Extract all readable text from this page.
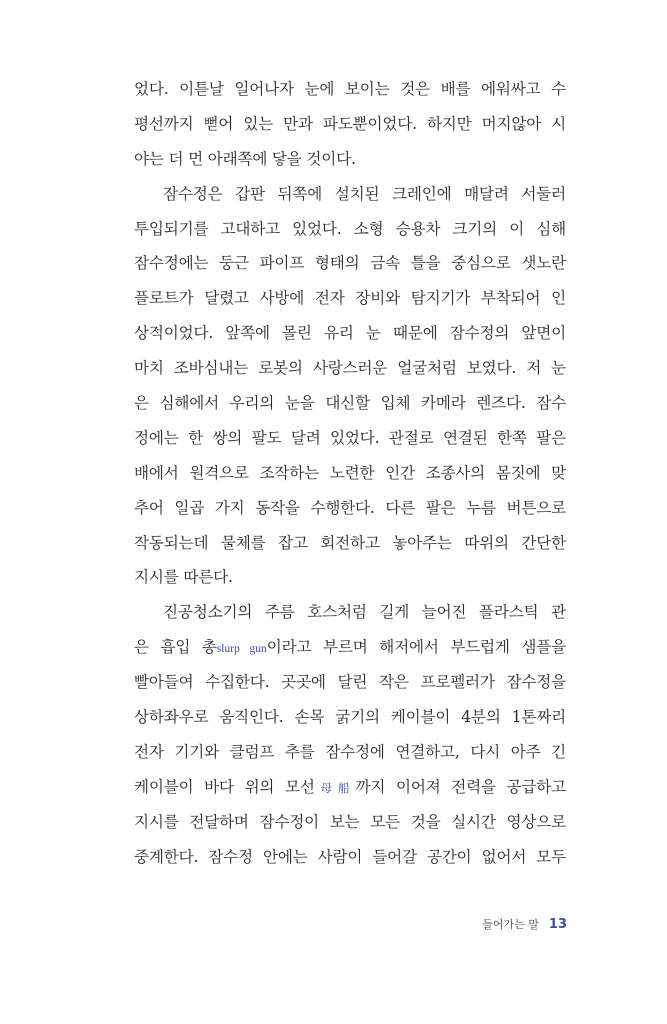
었다. 이튿날 일어나자 눈에 보이는 것은 배를 에워싸고 수
평선까지 뻗어 있는 만과 파도뿐이었다. 하지만 머지않아 시
야는 더 먼 아래쪽에 닿을 것이다.
잠수정은 갑판 뒤쪽에 설치된 크레인에 매달려 서둘러
투입되기를 고대하고 있었다. 소형 승용차 크기의 이 심해
잠수정에는 둥근 파이프 형태의 금속 틀을 중심으로 샛노란
플로트가 달렸고 사방에 전자 장비와 탐지기가 부착되어 인
상적이었다. 앞쪽에 몰린 유리 눈 때문에 잠수정의 앞면이
마치 조바심내는 로봇의 사랑스러운 얼굴처럼 보였다. 저 눈
은 심해에서 우리의 눈을 대신할 입체 카메라 렌즈다. 잠수
정에는 한 쌍의 팔도 달려 있었다. 관절로 연결된 한쪽 팔은
배에서 원격으로 조작하는 노련한 인간 조종사의 몸짓에 맞
추어 일곱 가지 동작을 수행한다. 다른 팔은 누름 버튼으로
작동되는데 물체를 잡고 회전하고 놓아주는 따위의 간단한
지시를 따른다.
진공청소기의 주름 호스처럼 길게 늘어진 플라스틱 관
은 흡입 총slurp gun이라고 부르며 해저에서 부드럽게 샘플을
빨아들여 수집한다. 곳곳에 달린 작은 프로펠러가 잠수정을
상하좌우로 움직인다. 손목 굵기의 케이블이 4분의 1톤짜리
전자 기기와 클럼프 추를 잠수정에 연결하고, 다시 아주 긴
케이블이 바다 위의 모선母船까지 이어져 전력을 공급하고
지시를 전달하며 잠수정이 보는 모든 것을 실시간 영상으로
중계한다. 잠수정 안에는 사람이 들어갈 공간이 없어서 모두
들어가는 말 13
